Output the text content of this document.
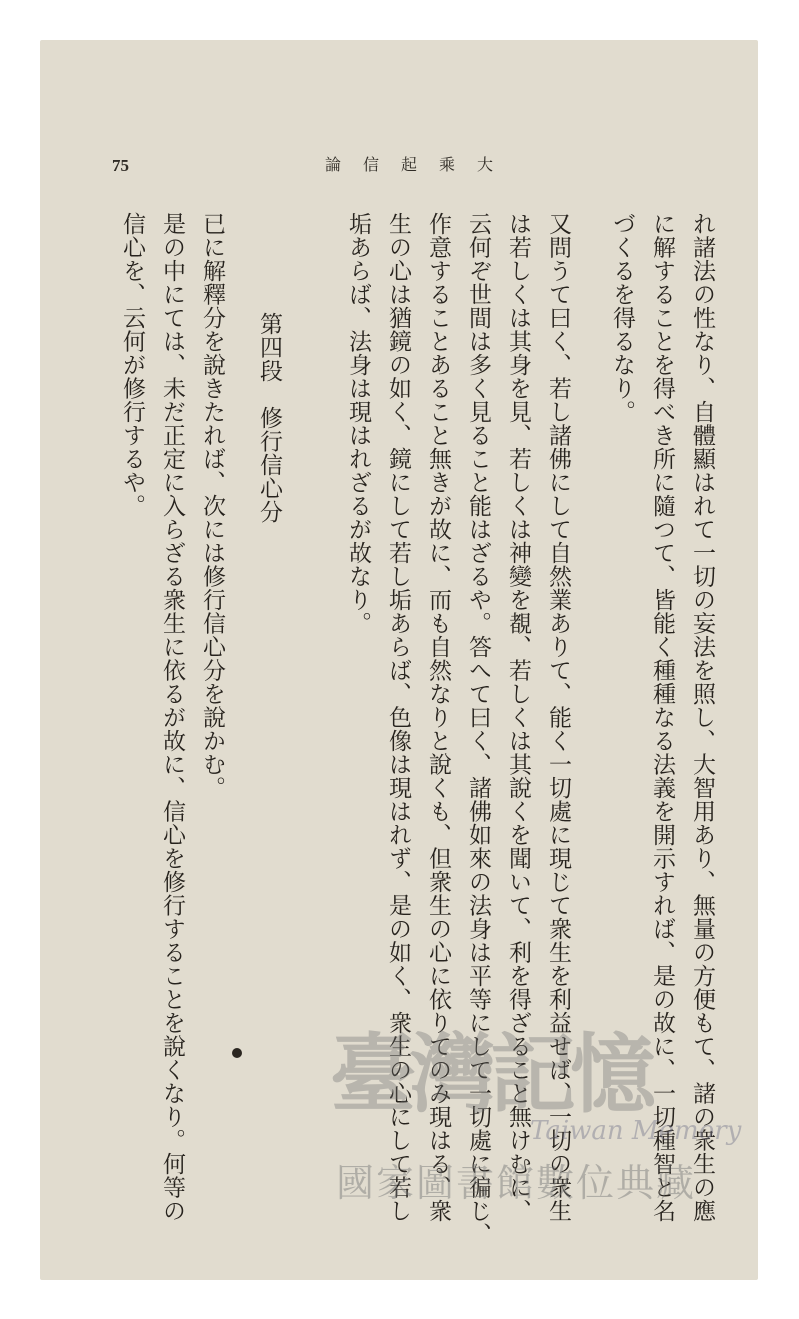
75	大乘起信論
れ諸法の性なり、自體顯はれて一切の妄法を照し、大智用あり、無量の方便もて、諸の衆生の應
に解することを得べき所に隨つて、皆能く種種なる法義を開示すれば、是の故に、一切種智と名
づくるを得るなり。
又問うて曰く、若し諸佛にして自然業ありて、能く一切處に現じて衆生を利益せば、一切の衆生
は若しくは其身を見、若しくは神變を覩、若しくは其說くを聞いて、利を得ざること無けむに、
云何ぞ世間は多く見ること能はざるや。答へて曰く、諸佛如來の法身は平等にして一切處に徧じ、
作意することあること無きが故に、而も自然なりと說くも、但衆生の心に依りてのみ現はる、衆
生の心は猶鏡の如く、鏡にして若し垢あらば、色像は現はれず、是の如く、衆生の心にして若し
垢あらば、法身は現はれざるが故なり。
第四段　修行信心分
已に解釋分を說きたれば、次には修行信心分を說かむ。
是の中にては、未だ正定に入らざる衆生に依るが故に、信心を修行することを說くなり。何等の
信心を、云何が修行するや。
臺灣記憶
Taiwan Memory
國家圖書館數位典藏
